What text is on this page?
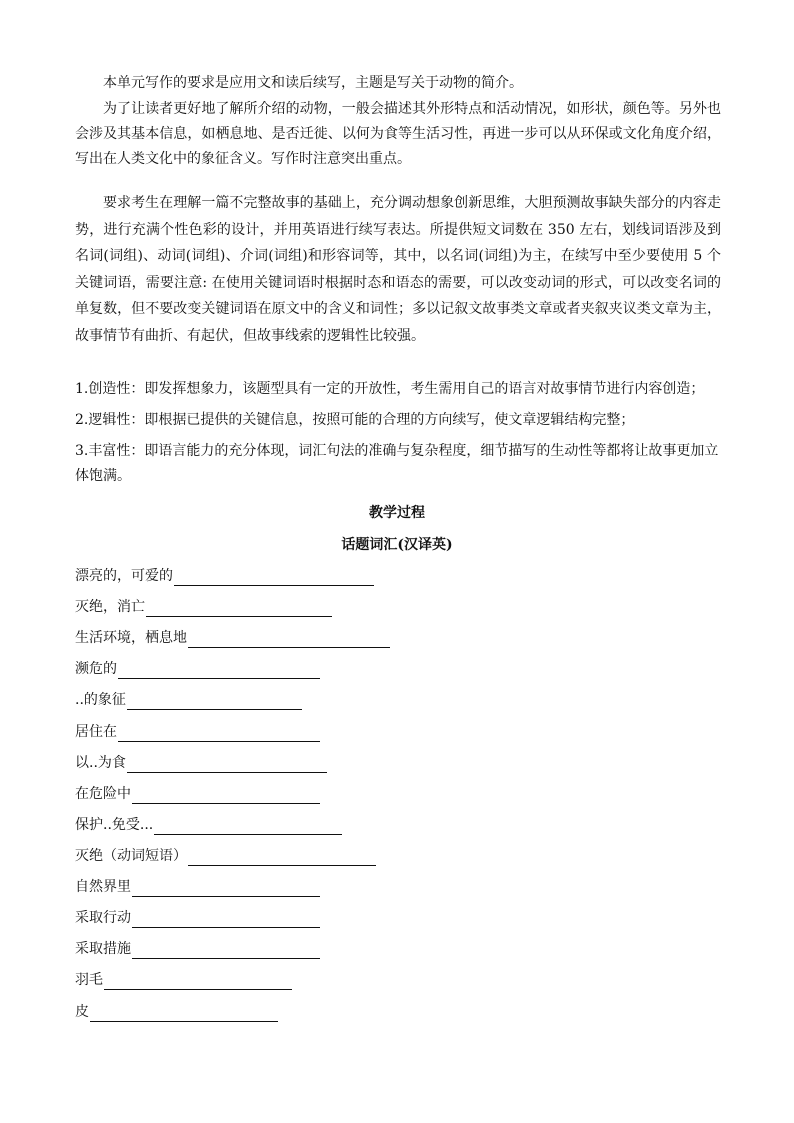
本单元写作的要求是应用文和读后续写，主题是写关于动物的简介。

为了让读者更好地了解所介绍的动物，一般会描述其外形特点和活动情况，如形状，颜色等。另外也会涉及其基本信息，如栖息地、是否迁徙、以何为食等生活习性，再进一步可以从环保或文化角度介绍，写出在人类文化中的象征含义。写作时注意突出重点。

要求考生在理解一篇不完整故事的基础上，充分调动想象创新思维，大胆预测故事缺失部分的内容走势，进行充满个性色彩的设计，并用英语进行续写表达。所提供短文词数在 350 左右，划线词语涉及到名词(词组)、动词(词组)、介词(词组)和形容词等，其中，以名词(词组)为主，在续写中至少要使用 5 个关键词语，需要注意: 在使用关键词语时根据时态和语态的需要，可以改变动词的形式，可以改变名词的单复数，但不要改变关键词语在原文中的含义和词性；多以记叙文故事类文章或者夹叙夹议类文章为主，故事情节有曲折、有起伏，但故事线索的逻辑性比较强。

1.创造性：即发挥想象力，该题型具有一定的开放性，考生需用自己的语言对故事情节进行内容创造；

2.逻辑性：即根据已提供的关键信息，按照可能的合理的方向续写，使文章逻辑结构完整；

3.丰富性：即语言能力的充分体现，词汇句法的准确与复杂程度，细节描写的生动性等都将让故事更加立体饱满。

教学过程

话题词汇(汉译英)

漂亮的，可爱的
灭绝，消亡
生活环境，栖息地
濒危的
..的象征
居住在
以..为食
在危险中
保护..免受...
灭绝（动词短语）
自然界里
采取行动
采取措施
羽毛
皮
